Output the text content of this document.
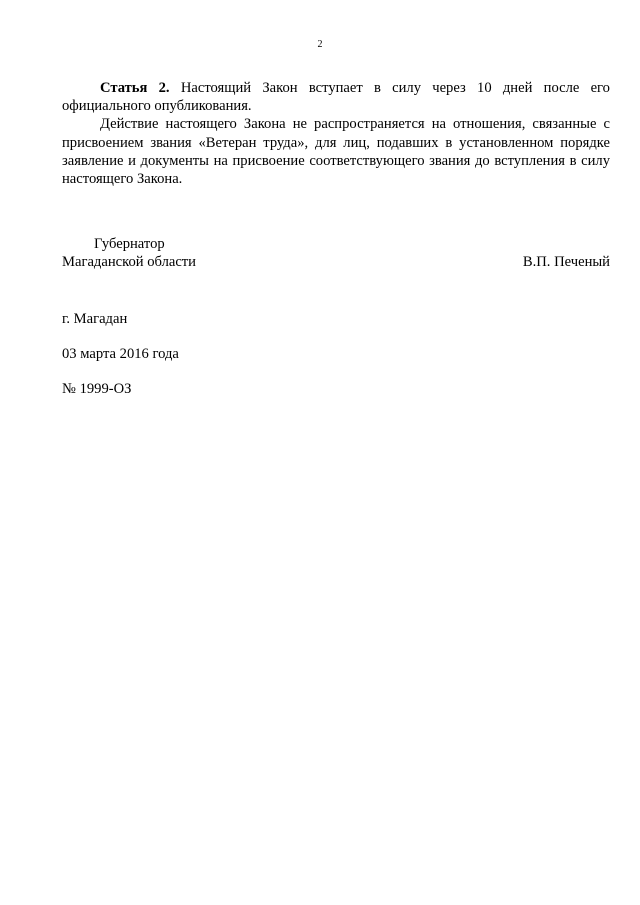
2

Статья 2. Настоящий Закон вступает в силу через 10 дней после его официального опубликования.

Действие настоящего Закона не распространяется на отношения, связанные с присвоением звания «Ветеран труда», для лиц, подавших в установленном порядке заявление и документы на присвоение соответствующего звания до вступления в силу настоящего Закона.

Губернатор
Магаданской области	В.П. Печеный
г. Магадан
03 марта 2016 года
№ 1999-ОЗ
